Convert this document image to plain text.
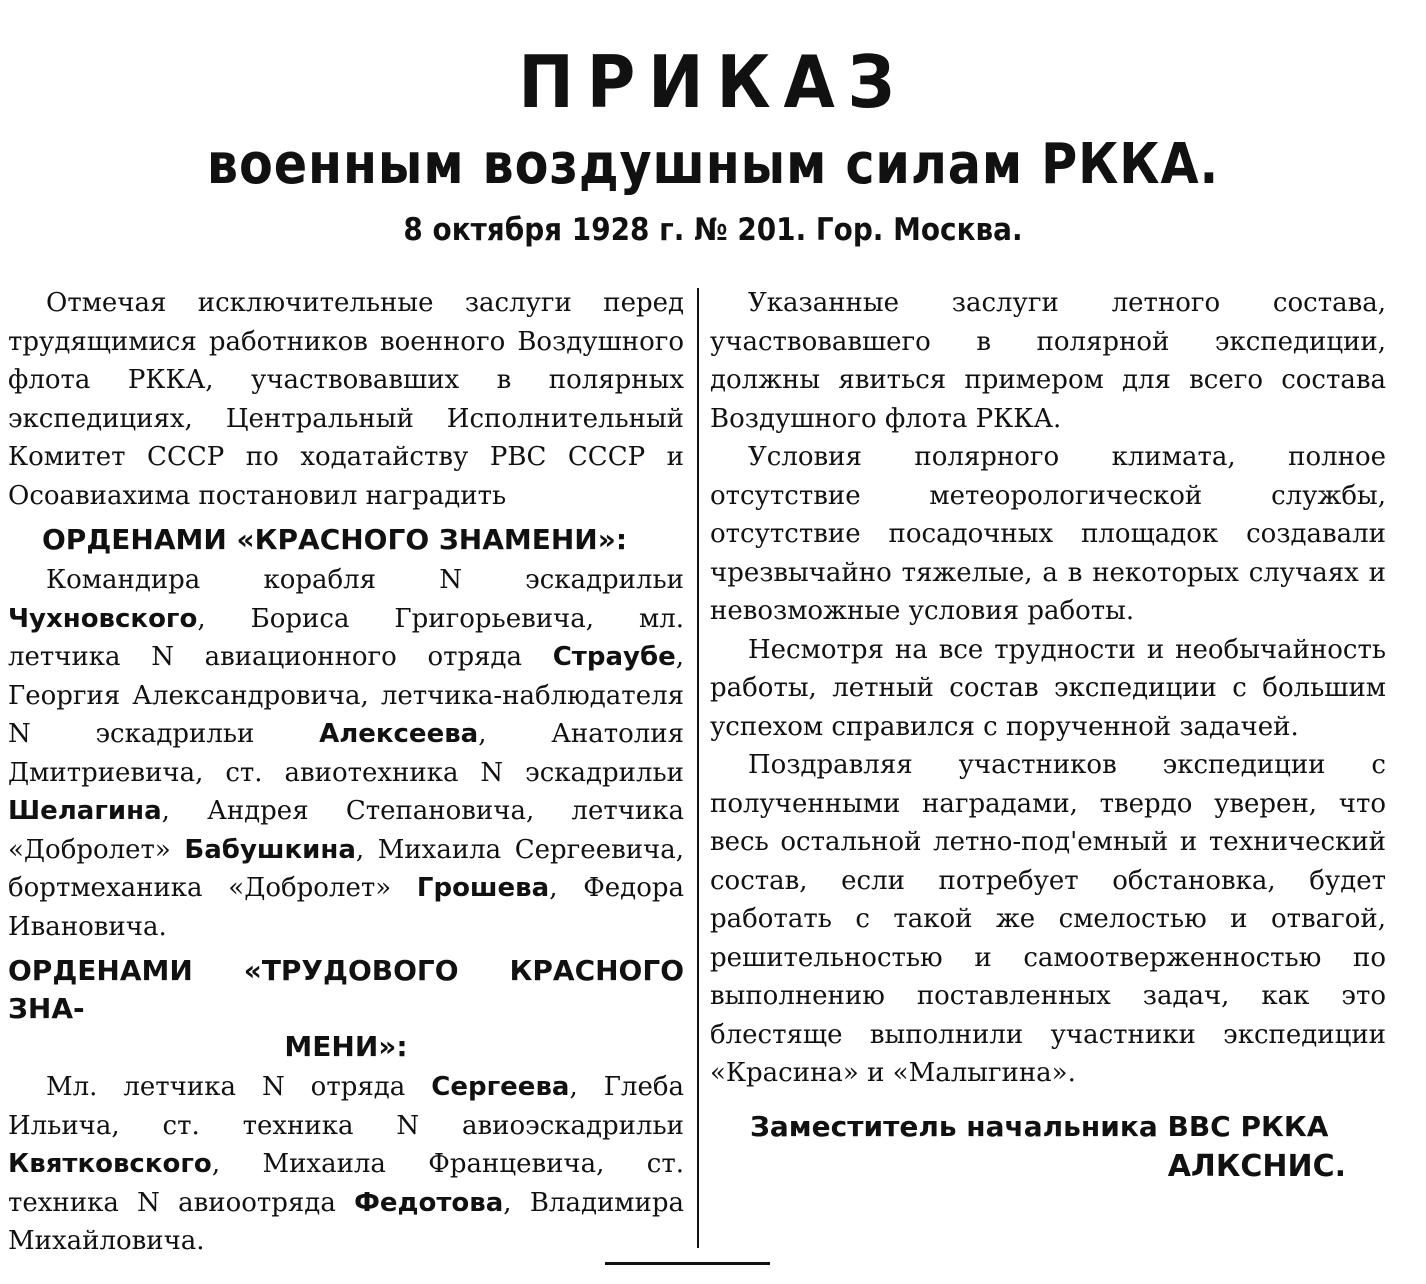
ПРИКАЗ
военным воздушным силам РККА.
8 октября 1928 г. № 201. Гор. Москва.

Отмечая исключительные заслуги перед трудящимися работников военного Воздушного флота РККА, участвовавших в полярных экспедициях, Центральный Исполнительный Комитет СССР по ходатайству РВС СССР и Осоавиахима постановил наградить

ОРДЕНАМИ «КРАСНОГО ЗНАМЕНИ»:

Командира корабля N эскадрильи Чухновского, Бориса Григорьевича, мл. летчика N авиационного отряда Страубе, Георгия Александровича, летчика-наблюдателя N эскадрильи Алексеева, Анатолия Дмитриевича, ст. авиотехника N эскадрильи Шелагина, Андрея Степановича, летчика «Добролет» Бабушкина, Михаила Сергеевича, бортмеханика «Добролет» Грошева, Федора Ивановича.

ОРДЕНАМИ «ТРУДОВОГО КРАСНОГО ЗНА-
МЕНИ»:

Мл. летчика N отряда Сергеева, Глеба Ильича, ст. техника N авиоэскадрильи Квятковского, Михаила Францевича, ст. техника N авиоотряда Федотова, Владимира Михайловича.

Указанные заслуги летного состава, участвовавшего в полярной экспедиции, должны явиться примером для всего состава Воздушного флота РККА.

Условия полярного климата, полное отсутствие метеорологической службы, отсутствие посадочных площадок создавали чрезвычайно тяжелые, а в некоторых случаях и невозможные условия работы.

Несмотря на все трудности и необычайность работы, летный состав экспедиции с большим успехом справился с порученной задачей.

Поздравляя участников экспедиции с полученными наградами, твердо уверен, что весь остальной летно-под'емный и технический состав, если потребует обстановка, будет работать с такой же смелостью и отвагой, решительностью и самоотверженностью по выполнению поставленных задач, как это блестяще выполнили участники экспедиции «Красина» и «Малыгина».

Заместитель начальника ВВС РККА
АЛКСНИС.
